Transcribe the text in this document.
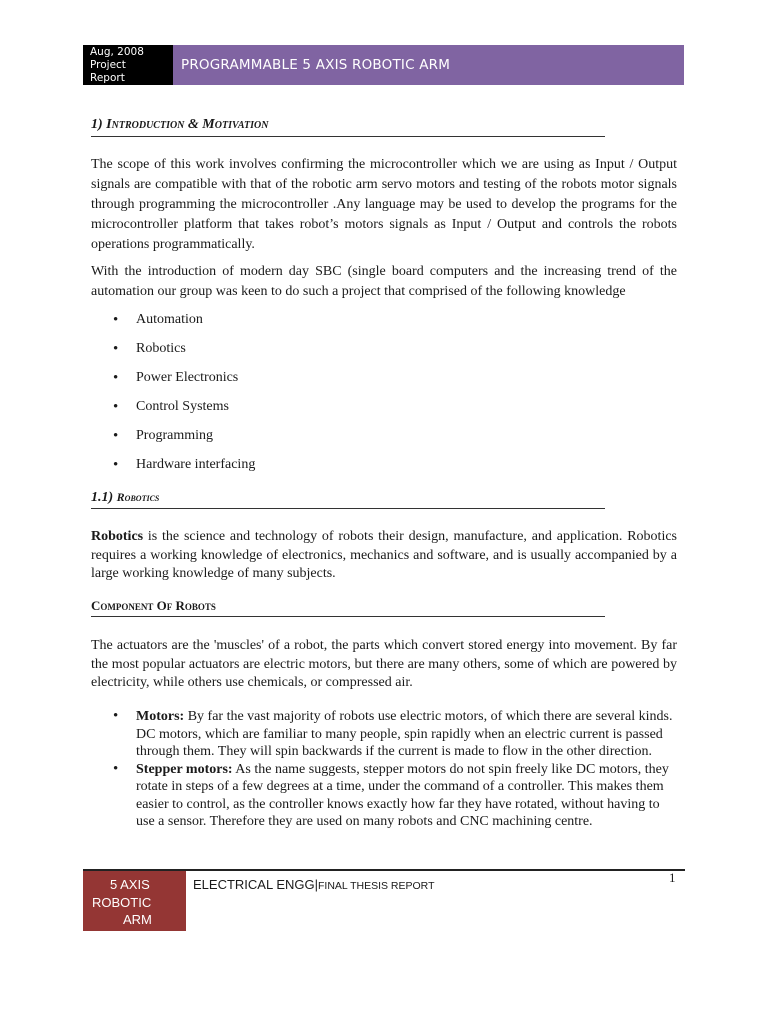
Aug, 2008
Project
Report
PROGRAMMABLE 5 AXIS ROBOTIC ARM
1) Introduction & Motivation
The scope of this work involves confirming the microcontroller which we are using as Input / Output signals are compatible with that of the robotic arm servo motors and testing of the robots motor signals through programming the microcontroller .Any language may be used to develop the programs for the microcontroller platform that takes robot’s motors signals as Input / Output and controls the robots operations programmatically.
With the introduction of modern day SBC (single board computers and the increasing trend of the automation our group was keen to do such a project that comprised of the following knowledge
• Automation
• Robotics
• Power Electronics
• Control Systems
• Programming
• Hardware interfacing
1.1) Robotics
Robotics is the science and technology of robots their design, manufacture, and application. Robotics requires a working knowledge of electronics, mechanics and software, and is usually accompanied by a large working knowledge of many subjects.
Component Of Robots
The actuators are the 'muscles' of a robot, the parts which convert stored energy into movement. By far the most popular actuators are electric motors, but there are many others, some of which are powered by electricity, while others use chemicals, or compressed air.
• Motors: By far the vast majority of robots use electric motors, of which there are several kinds. DC motors, which are familiar to many people, spin rapidly when an electric current is passed through them. They will spin backwards if the current is made to flow in the other direction.
• Stepper motors: As the name suggests, stepper motors do not spin freely like DC motors, they rotate in steps of a few degrees at a time, under the command of a controller. This makes them easier to control, as the controller knows exactly how far they have rotated, without having to use a sensor. Therefore they are used on many robots and CNC machining centre.
5 AXIS
ROBOTIC
ARM
ELECTRICAL ENGG|FINAL THESIS REPORT
1
